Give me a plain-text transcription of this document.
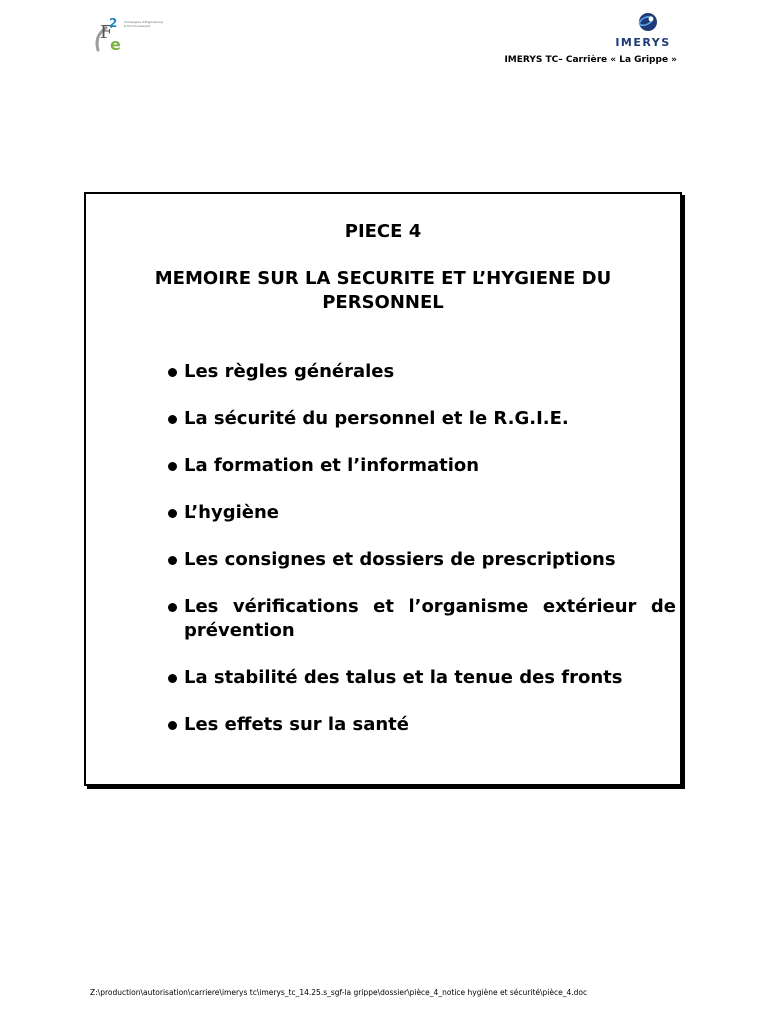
F
2
e
Compagnie d'Engineering
& Environnement
IMERYS
IMERYS TC– Carrière « La Grippe »
PIECE 4
MEMOIRE SUR LA SECURITE ET L’HYGIENE DU PERSONNEL
Les règles générales
La sécurité du personnel et le R.G.I.E.
La formation et l’information
L’hygiène
Les consignes et dossiers de prescriptions
Les vérifications et l’organisme extérieur de prévention
La stabilité des talus et la tenue des fronts
Les effets sur la santé
Z:\production\autorisation\carriere\imerys tc\imerys_tc_14.25.s_sgf-la grippe\dossier\pièce_4_notice hygiène et sécurité\pièce_4.doc
